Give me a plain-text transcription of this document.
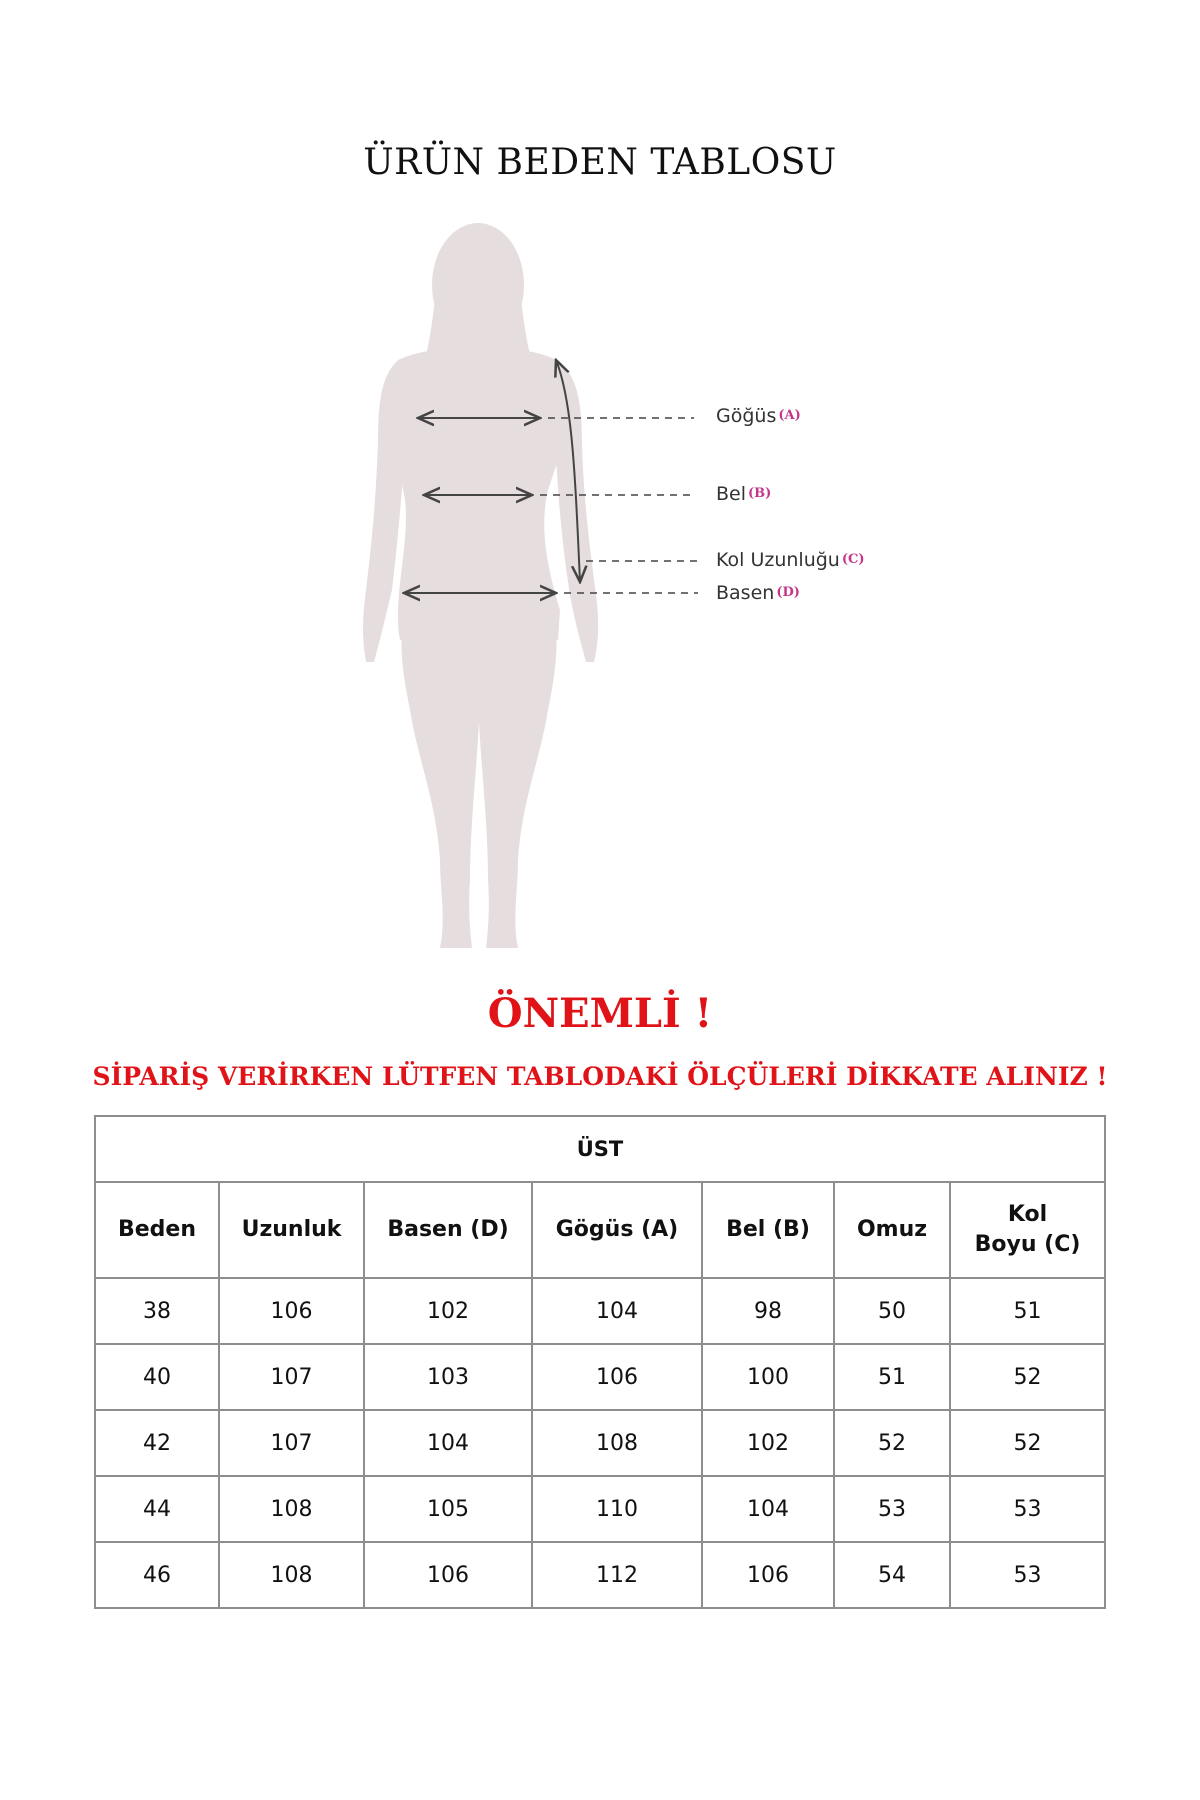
ÜRÜN BEDEN TABLOSU
Göğüs (A)
Bel (B)
Kol Uzunluğu (C)
Basen (D)
ÖNEMLİ !
SİPARİŞ VERİRKEN LÜTFEN TABLODAKİ ÖLÇÜLERİ DİKKATE ALINIZ !
ÜST						
Beden	Uzunluk	Basen (D)	Gögüs (A)	Bel (B)	Omuz	Kol
Boyu (C)

38	106	102	104	98	50	51
40	107	103	106	100	51	52
42	107	104	108	102	52	52
44	108	105	110	104	53	53
46	108	106	112	106	54	53
